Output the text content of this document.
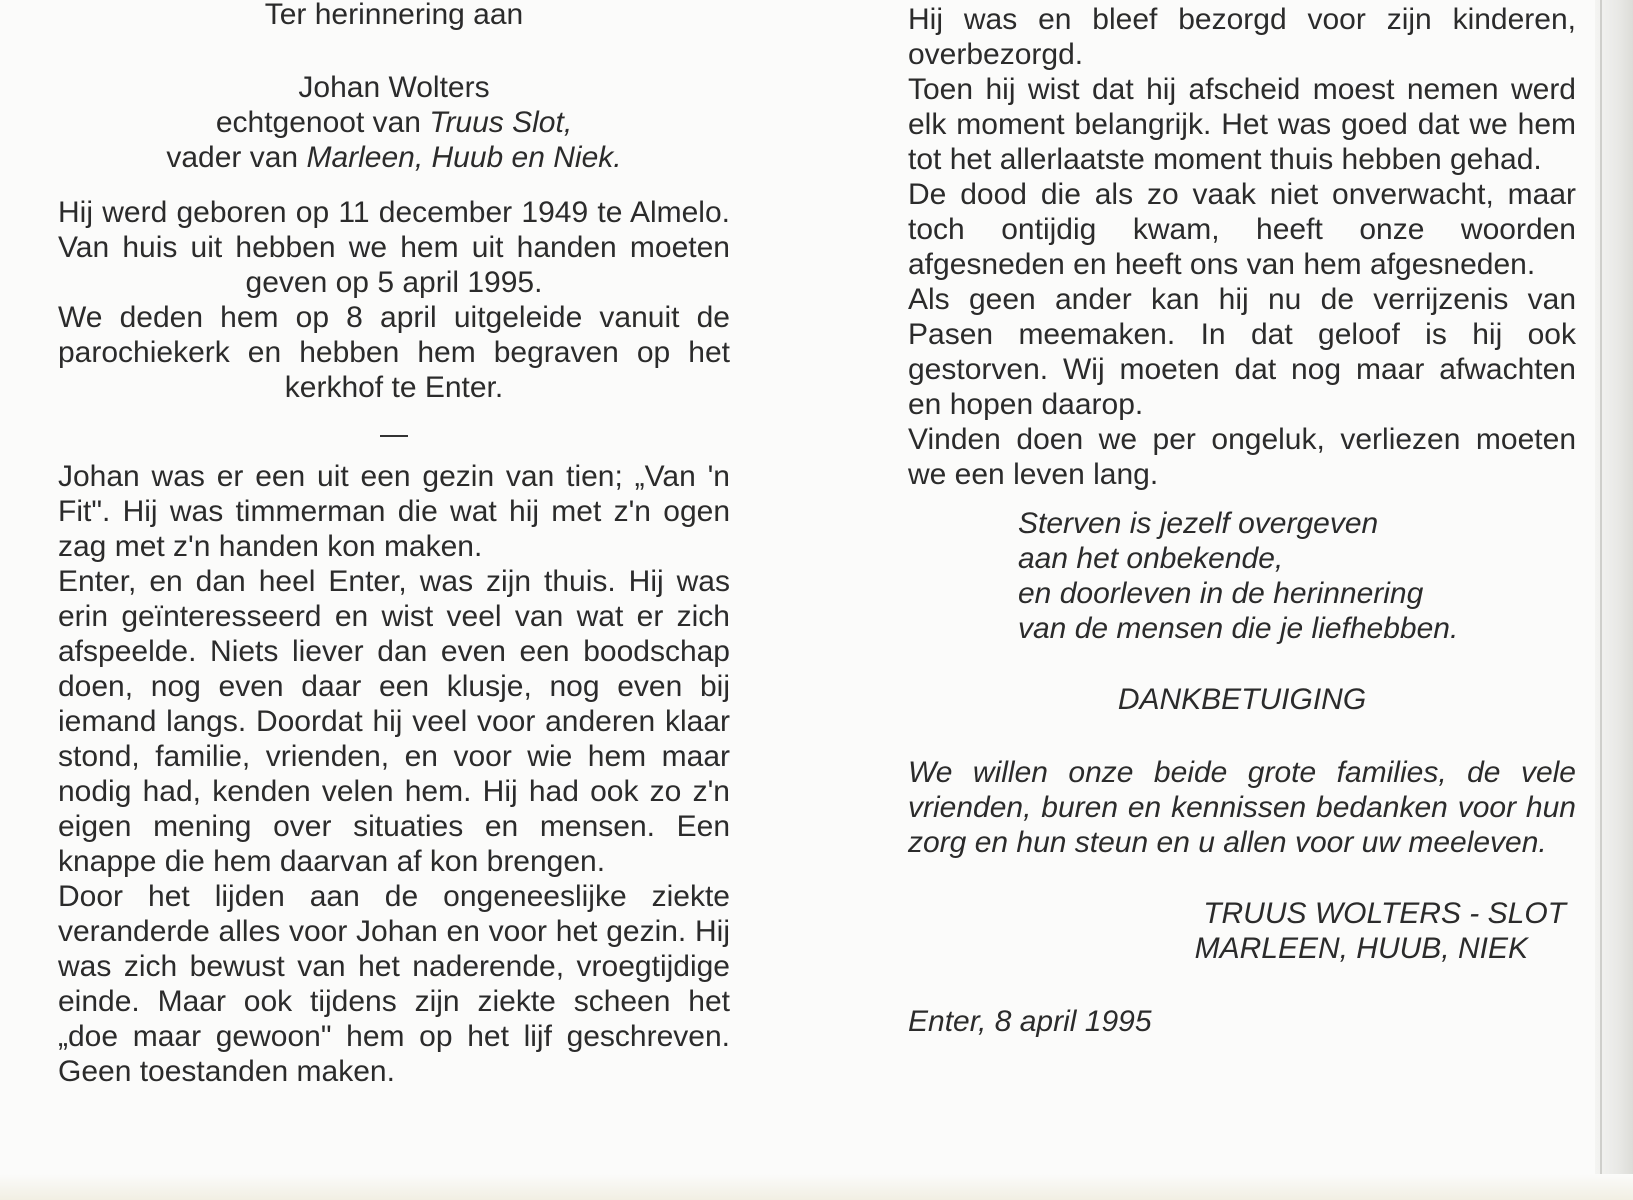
Ter herinnering aan
Johan Wolters
echtgenoot van Truus Slot,
vader van Marleen, Huub en Niek.

Hij werd geboren op 11 december 1949 te Almelo. Van huis uit hebben we hem uit handen moeten geven op 5 april 1995.

We deden hem op 8 april uitgeleide vanuit de parochiekerk en hebben hem begraven op het kerkhof te Enter.

Johan was er een uit een gezin van tien; „Van 'n Fit". Hij was timmerman die wat hij met z'n ogen zag met z'n handen kon maken.

Enter, en dan heel Enter, was zijn thuis. Hij was erin geïnteresseerd en wist veel van wat er zich afspeelde. Niets liever dan even een boodschap doen, nog even daar een klusje, nog even bij iemand langs. Doordat hij veel voor anderen klaar stond, familie, vrienden, en voor wie hem maar nodig had, kenden velen hem. Hij had ook zo z'n eigen mening over situaties en mensen. Een knappe die hem daarvan af kon brengen.

Door het lijden aan de ongeneeslijke ziekte veranderde alles voor Johan en voor het gezin. Hij was zich bewust van het naderende, vroegtijdige einde. Maar ook tijdens zijn ziekte scheen het „doe maar gewoon" hem op het lijf geschreven. Geen toestanden maken.

Hij was en bleef bezorgd voor zijn kinderen, overbezorgd.

Toen hij wist dat hij afscheid moest nemen werd elk moment belangrijk. Het was goed dat we hem tot het allerlaatste moment thuis hebben gehad.

De dood die als zo vaak niet onverwacht, maar toch ontijdig kwam, heeft onze woorden afgesneden en heeft ons van hem afgesneden.

Als geen ander kan hij nu de verrijzenis van Pasen meemaken. In dat geloof is hij ook gestorven. Wij moeten dat nog maar afwachten en hopen daarop.

Vinden doen we per ongeluk, verliezen moeten we een leven lang.

Sterven is jezelf overgeven
aan het onbekende,
en doorleven in de herinnering
van de mensen die je liefhebben.
DANKBETUIGING

We willen onze beide grote families, de vele vrienden, buren en kennissen bedanken voor hun zorg en hun steun en u allen voor uw meeleven.

TRUUS WOLTERS - SLOT
MARLEEN, HUUB, NIEK
Enter, 8 april 1995
